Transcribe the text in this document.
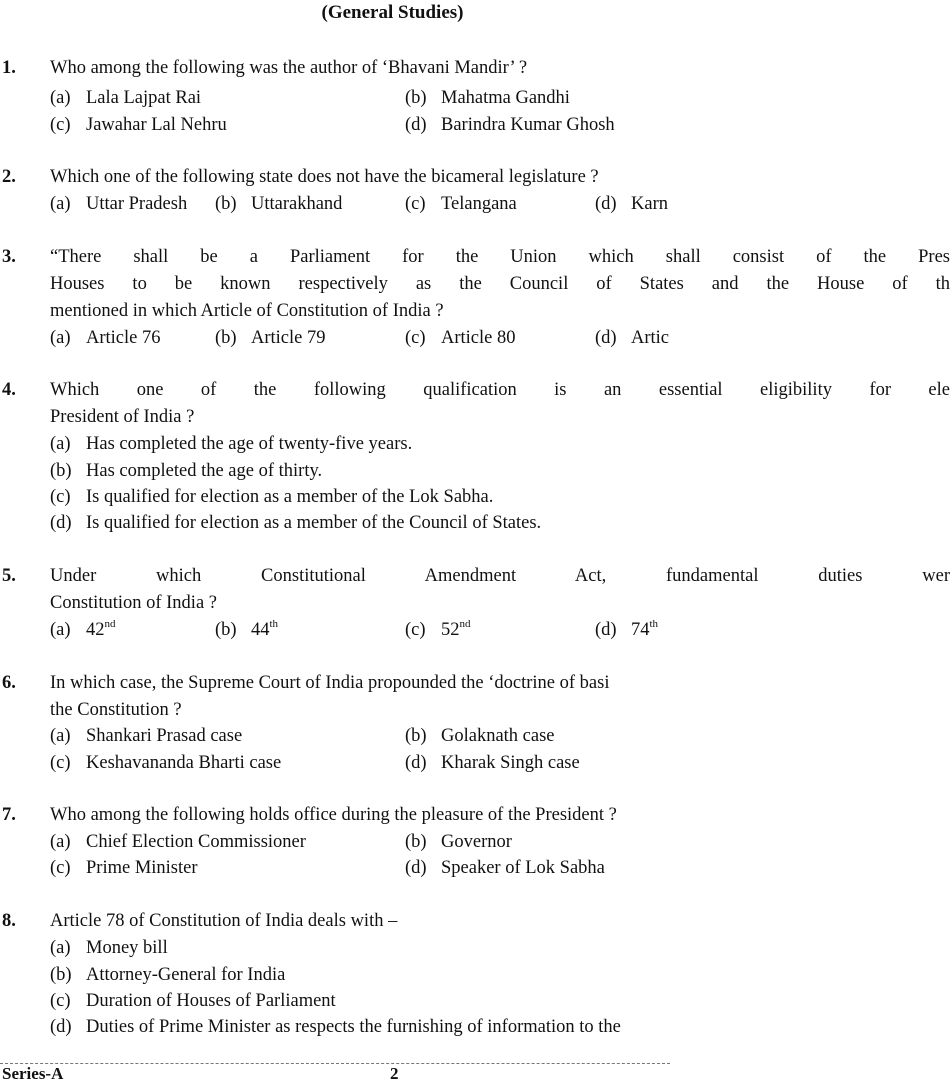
(General Studies)
1. Who among the following was the author of ‘Bhavani Mandir’ ?
(a) Lala Lajpat Rai	(b) Mahatma Gandhi
(c) Jawahar Lal Nehru	(d) Barindra Kumar Ghosh
2. Which one of the following state does not have the bicameral legislature ?
(a) Uttar Pradesh (b) Uttarakhand	(c) Telangana	(d) Karn
3. “There shall be a Parliament for the Union which shall consist of the Pres
Houses to be known respectively as the Council of States and the House of th
mentioned in which Article of Constitution of India ?
(a) Article 76	(b) Article 79	(c) Article 80	(d) Artic
4. Which one of the following qualification is an essential eligibility for ele
President of India ?
(a) Has completed the age of twenty-five years.
(b) Has completed the age of thirty.
(c) Is qualified for election as a member of the Lok Sabha.
(d) Is qualified for election as a member of the Council of States.
5. Under which Constitutional Amendment Act, fundamental duties wer
Constitution of India ?
(a) 42nd	(b) 44th	(c) 52nd	(d) 74th
6. In which case, the Supreme Court of India propounded the ‘doctrine of basi
the Constitution ?
(a) Shankari Prasad case	(b) Golaknath case
(c) Keshavananda Bharti case	(d) Kharak Singh case
7. Who among the following holds office during the pleasure of the President ?
(a) Chief Election Commissioner	(b) Governor
(c) Prime Minister	(d) Speaker of Lok Sabha
8. Article 78 of Constitution of India deals with –
(a) Money bill
(b) Attorney-General for India
(c) Duration of Houses of Parliament
(d) Duties of Prime Minister as respects the furnishing of information to the
Series-A	2
